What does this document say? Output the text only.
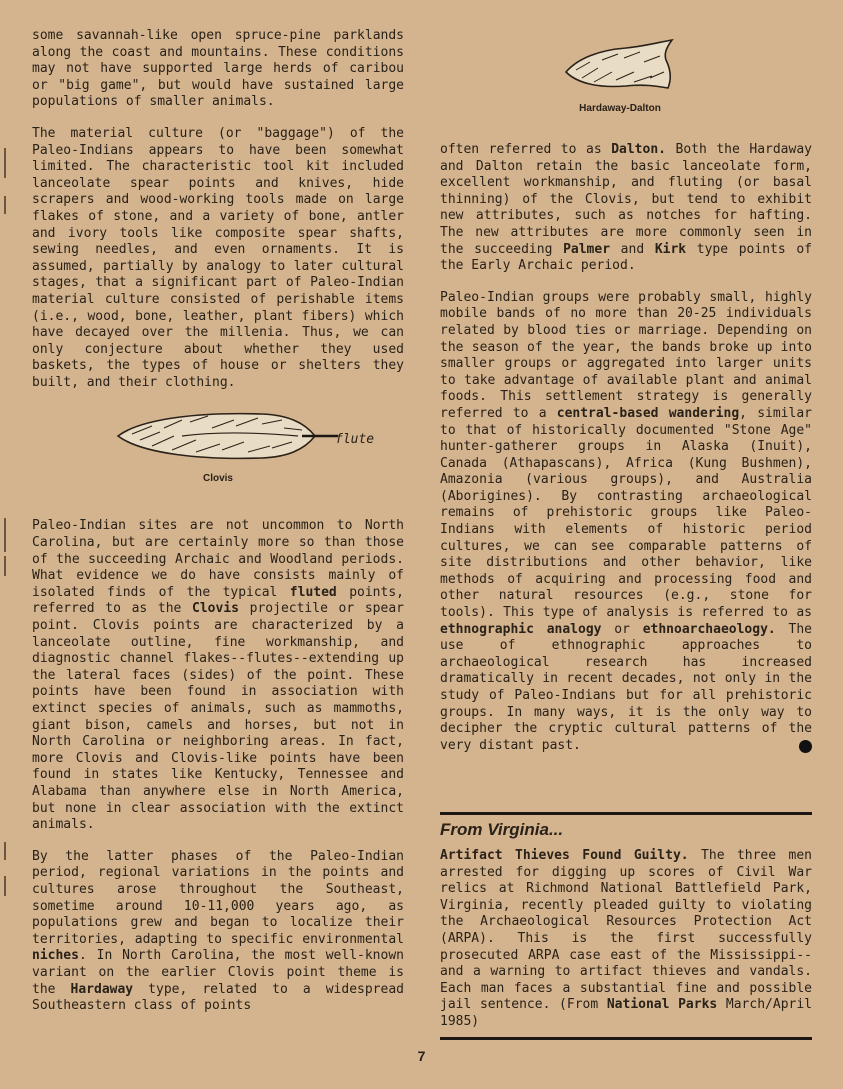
some savannah-like open spruce-pine parklands along the coast and mountains. These conditions may not have supported large herds of caribou or "big game", but would have sustained large populations of smaller animals.

The material culture (or "baggage") of the Paleo-Indians appears to have been somewhat limited. The characteristic tool kit included lanceolate spear points and knives, hide scrapers and wood-working tools made on large flakes of stone, and a variety of bone, antler and ivory tools like composite spear shafts, sewing needles, and even ornaments. It is assumed, partially by analogy to later cultural stages, that a significant part of Paleo-Indian material culture consisted of perishable items (i.e., wood, bone, leather, plant fibers) which have decayed over the millenia. Thus, we can only conjecture about whether they used baskets, the types of house or shelters they built, and their clothing.

flute
Clovis

Paleo-Indian sites are not uncommon to North Carolina, but are certainly more so than those of the succeeding Archaic and Woodland periods. What evidence we do have consists mainly of isolated finds of the typical fluted points, referred to as the Clovis projectile or spear point. Clovis points are characterized by a lanceolate outline, fine workmanship, and diagnostic channel flakes--flutes--extending up the lateral faces (sides) of the point. These points have been found in association with extinct species of animals, such as mammoths, giant bison, camels and horses, but not in North Carolina or neighboring areas. In fact, more Clovis and Clovis-like points have been found in states like Kentucky, Tennessee and Alabama than anywhere else in North America, but none in clear association with the extinct animals.

By the latter phases of the Paleo-Indian period, regional variations in the points and cultures arose throughout the Southeast, sometime around 10-11,000 years ago, as populations grew and began to localize their territories, adapting to specific environmental niches. In North Carolina, the most well-known variant on the earlier Clovis point theme is the Hardaway type, related to a widespread Southeastern class of points

Hardaway-Dalton

often referred to as Dalton. Both the Hardaway and Dalton retain the basic lanceolate form, excellent workmanship, and fluting (or basal thinning) of the Clovis, but tend to exhibit new attributes, such as notches for hafting. The new attributes are more commonly seen in the succeeding Palmer and Kirk type points of the Early Archaic period.

Paleo-Indian groups were probably small, highly mobile bands of no more than 20-25 individuals related by blood ties or marriage. Depending on the season of the year, the bands broke up into smaller groups or aggregated into larger units to take advantage of available plant and animal foods. This settlement strategy is generally referred to a central-based wandering, similar to that of historically documented "Stone Age" hunter-gatherer groups in Alaska (Inuit), Canada (Athapascans), Africa (Kung Bushmen), Amazonia (various groups), and Australia (Aborigines). By contrasting archaeological remains of prehistoric groups like Paleo-Indians with elements of historic period cultures, we can see comparable patterns of site distributions and other behavior, like methods of acquiring and processing food and other natural resources (e.g., stone for tools). This type of analysis is referred to as ethnographic analogy or ethnoarchaeology. The use of ethnographic approaches to archaeological research has increased dramatically in recent decades, not only in the study of Paleo-Indians but for all prehistoric groups. In many ways, it is the only way to decipher the cryptic cultural patterns of the very distant past.

From Virginia...

Artifact Thieves Found Guilty. The three men arrested for digging up scores of Civil War relics at Richmond National Battlefield Park, Virginia, recently pleaded guilty to violating the Archaeological Resources Protection Act (ARPA). This is the first successfully prosecuted ARPA case east of the Mississippi--and a warning to artifact thieves and vandals. Each man faces a substantial fine and possible jail sentence. (From National Parks March/April 1985)

7
